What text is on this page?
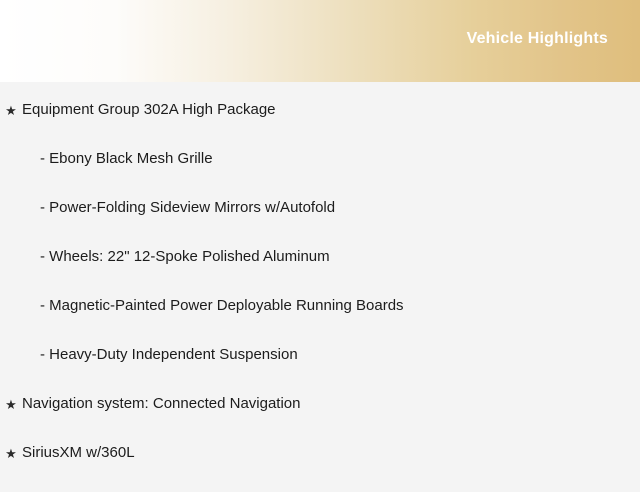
Vehicle Highlights
★ Equipment Group 302A High Package
- Ebony Black Mesh Grille
- Power-Folding Sideview Mirrors w/Autofold
- Wheels: 22" 12-Spoke Polished Aluminum
- Magnetic-Painted Power Deployable Running Boards
- Heavy-Duty Independent Suspension
★ Navigation system: Connected Navigation
★ SiriusXM w/360L
